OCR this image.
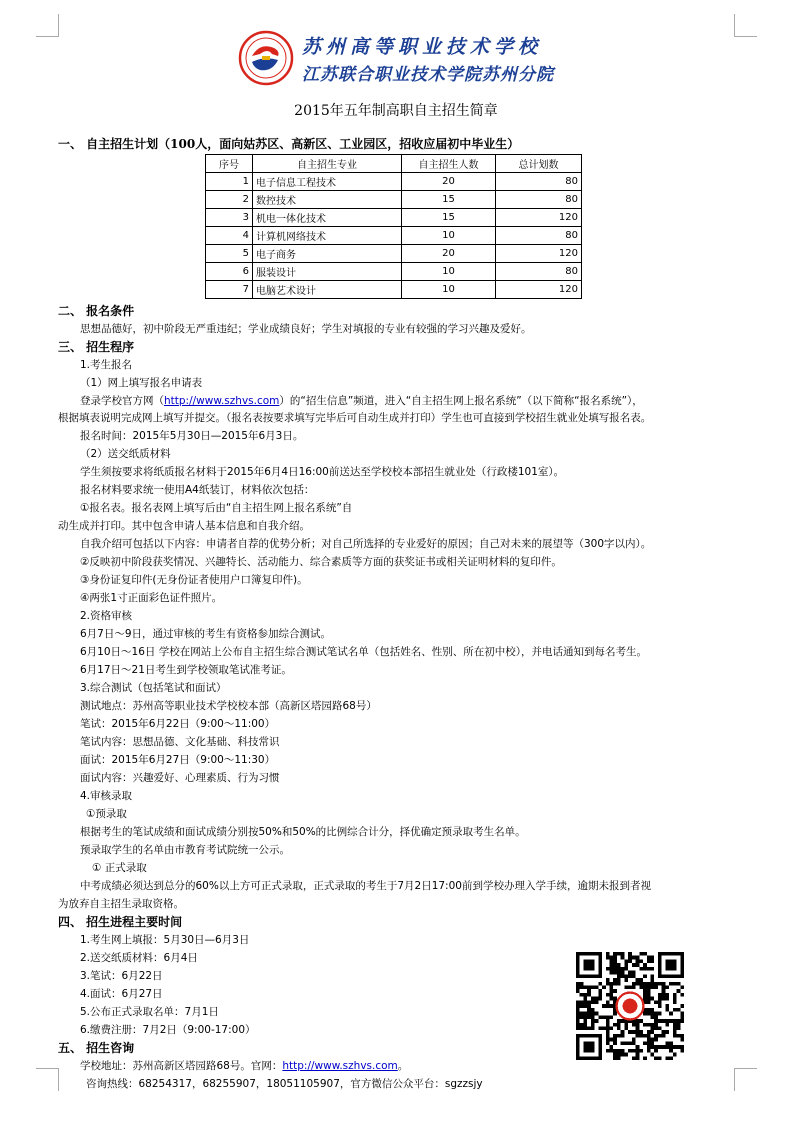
苏州高等职业技术学校
江苏联合职业技术学院苏州分院
2015年五年制高职自主招生简章
一、 自主招生计划（100人，面向姑苏区、高新区、工业园区，招收应届初中毕业生）
序号	自主招生专业	自主招生人数	总计划数
1	电子信息工程技术	20	80
2	数控技术	15	80
3	机电一体化技术	15	120
4	计算机网络技术	10	80
5	电子商务	20	120
6	服装设计	10	80
7	电脑艺术设计	10	120
二、 报名条件
思想品德好，初中阶段无严重违纪；学业成绩良好；学生对填报的专业有较强的学习兴趣及爱好。
三、 招生程序
1.考生报名
（1）网上填写报名申请表
登录学校官方网（http://www.szhvs.com）的“招生信息”频道，进入“自主招生网上报名系统”（以下简称“报名系统”），
根据填表说明完成网上填写并提交。（报名表按要求填写完毕后可自动生成并打印）学生也可直接到学校招生就业处填写报名表。
报名时间：2015年5月30日—2015年6月3日。
（2）送交纸质材料
学生须按要求将纸质报名材料于2015年6月4日16:00前送达至学校校本部招生就业处（行政楼101室）。
报名材料要求统一使用A4纸装订，材料依次包括：
①报名表。报名表网上填写后由“自主招生网上报名系统”自
动生成并打印。其中包含申请人基本信息和自我介绍。
自我介绍可包括以下内容：申请者自荐的优势分析；对自己所选择的专业爱好的原因；自己对未来的展望等（300字以内）。
②反映初中阶段获奖情况、兴趣特长、活动能力、综合素质等方面的获奖证书或相关证明材料的复印件。
③身份证复印件(无身份证者使用户口簿复印件)。
④两张1寸正面彩色证件照片。
2.资格审核
6月7日～9日，通过审核的考生有资格参加综合测试。
6月10日～16日 学校在网站上公布自主招生综合测试笔试名单（包括姓名、性别、所在初中校），并电话通知到每名考生。
6月17日～21日考生到学校领取笔试准考证。
3.综合测试（包括笔试和面试）
测试地点：苏州高等职业技术学校校本部（高新区塔园路68号）
笔试：2015年6月22日（9:00～11:00）
笔试内容：思想品德、文化基础、科技常识
面试：2015年6月27日（9:00～11:30）
面试内容：兴趣爱好、心理素质、行为习惯
4.审核录取
①预录取
根据考生的笔试成绩和面试成绩分别按50%和50%的比例综合计分，择优确定预录取考生名单。
预录取学生的名单由市教育考试院统一公示。
① 正式录取
中考成绩必须达到总分的60%以上方可正式录取，正式录取的考生于7月2日17:00前到学校办理入学手续，逾期未报到者视
为放弃自主招生录取资格。
四、 招生进程主要时间
1.考生网上填报：5月30日—6月3日
2.送交纸质材料：6月4日
3.笔试：6月22日
4.面试：6月27日
5.公布正式录取名单：7月1日
6.缴费注册：7月2日（9:00-17:00）
五、 招生咨询
学校地址：苏州高新区塔园路68号。官网：http://www.szhvs.com。
咨询热线：68254317，68255907，18051105907，官方微信公众平台：sgzzsjy
